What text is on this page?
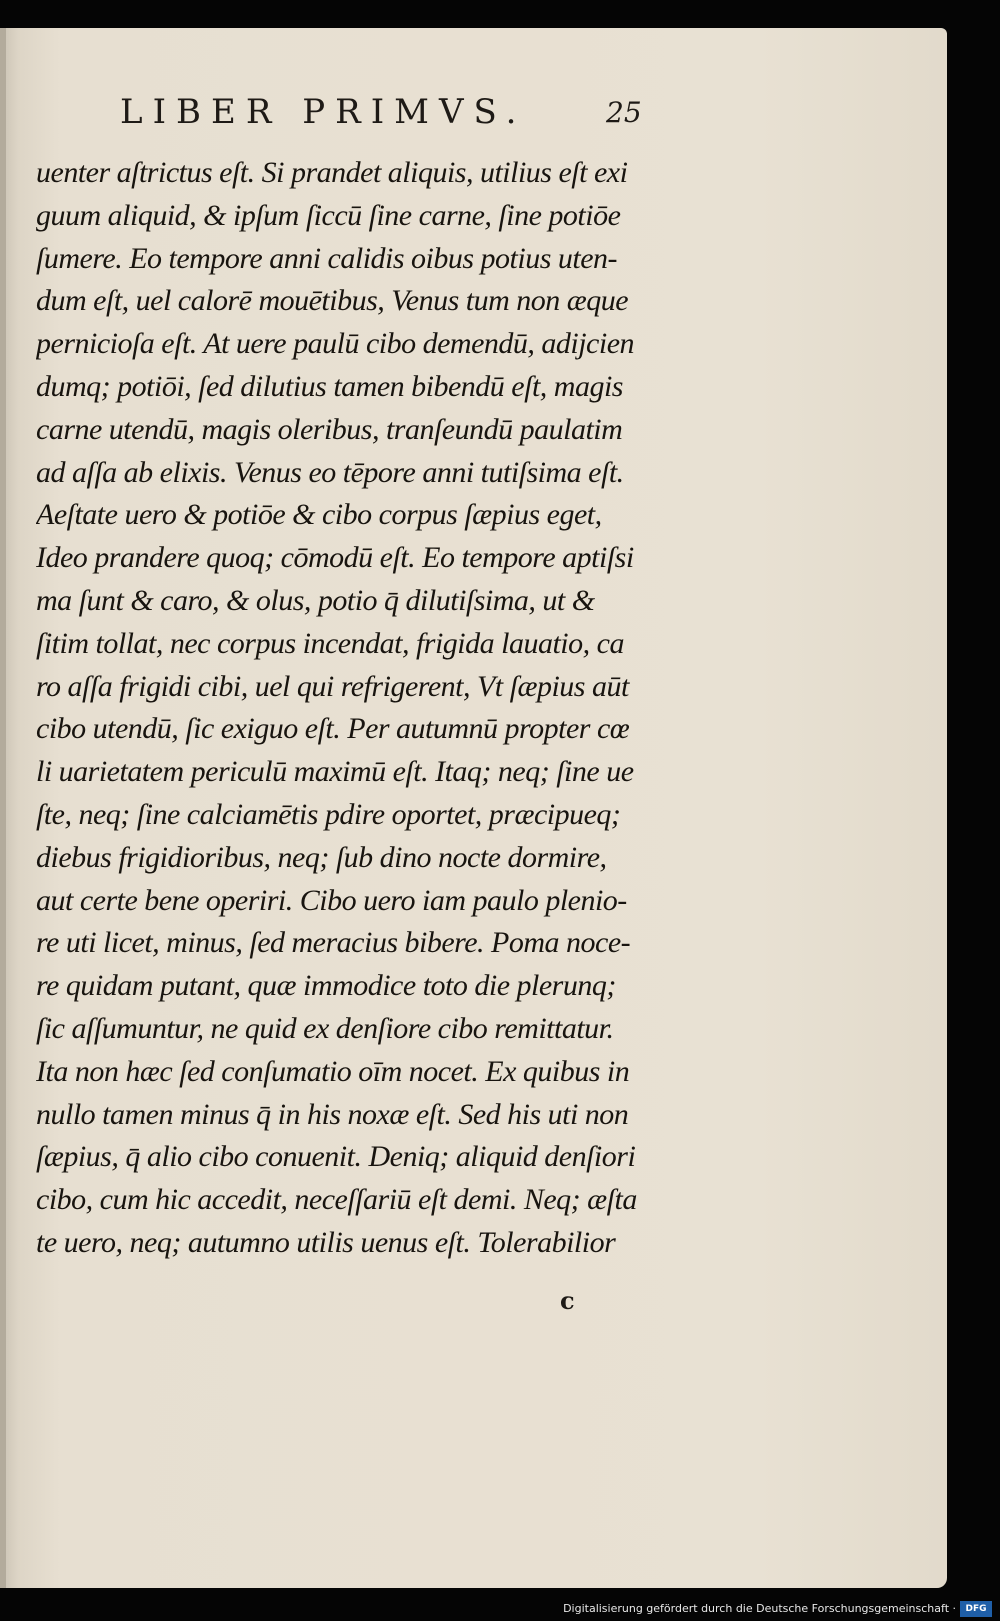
LIBER PRIMVS.	25
uenter aſtrictus eſt. Si prandet aliquis, utilius eſt exi
guum aliquid, & ipſum ſiccū ſine carne, ſine potiōe
ſumere. Eo tempore anni calidis oibus potius uten-
dum eſt, uel calorē mouētibus, Venus tum non æque
pernicioſa eſt. At uere paulū cibo demendū, adijcien
dumq; potiōi, ſed dilutius tamen bibendū eſt, magis
carne utendū, magis oleribus, tranſeundū paulatim
ad aſſa ab elixis. Venus eo tēpore anni tutiſsima eſt.
Aeſtate uero & potiōe & cibo corpus ſæpius eget,
Ideo prandere quoq; cōmodū eſt. Eo tempore aptiſsi
ma ſunt & caro, & olus, potio q̄ dilutiſsima, ut &
ſitim tollat, nec corpus incendat, frigida lauatio, ca
ro aſſa frigidi cibi, uel qui refrigerent, Vt ſæpius aūt
cibo utendū, ſic exiguo eſt. Per autumnū propter cœ
li uarietatem periculū maximū eſt. Itaq; neq; ſine ue
ſte, neq; ſine calciamētis pdire oportet, præcipueq;
diebus frigidioribus, neq; ſub dino nocte dormire,
aut certe bene operiri. Cibo uero iam paulo plenio-
re uti licet, minus, ſed meracius bibere. Poma noce-
re quidam putant, quæ immodice toto die plerunq;
ſic aſſumuntur, ne quid ex denſiore cibo remittatur.
Ita non hæc ſed conſumatio oīm nocet. Ex quibus in
nullo tamen minus q̄ in his noxæ eſt. Sed his uti non
ſæpius, q̄ alio cibo conuenit. Deniq; aliquid denſiori
cibo, cum hic accedit, neceſſariū eſt demi. Neq; æſta
te uero, neq; autumno utilis uenus eſt. Tolerabilior
c
Digitalisierung gefördert durch die Deutsche Forschungsgemeinschaft ·	DFG
